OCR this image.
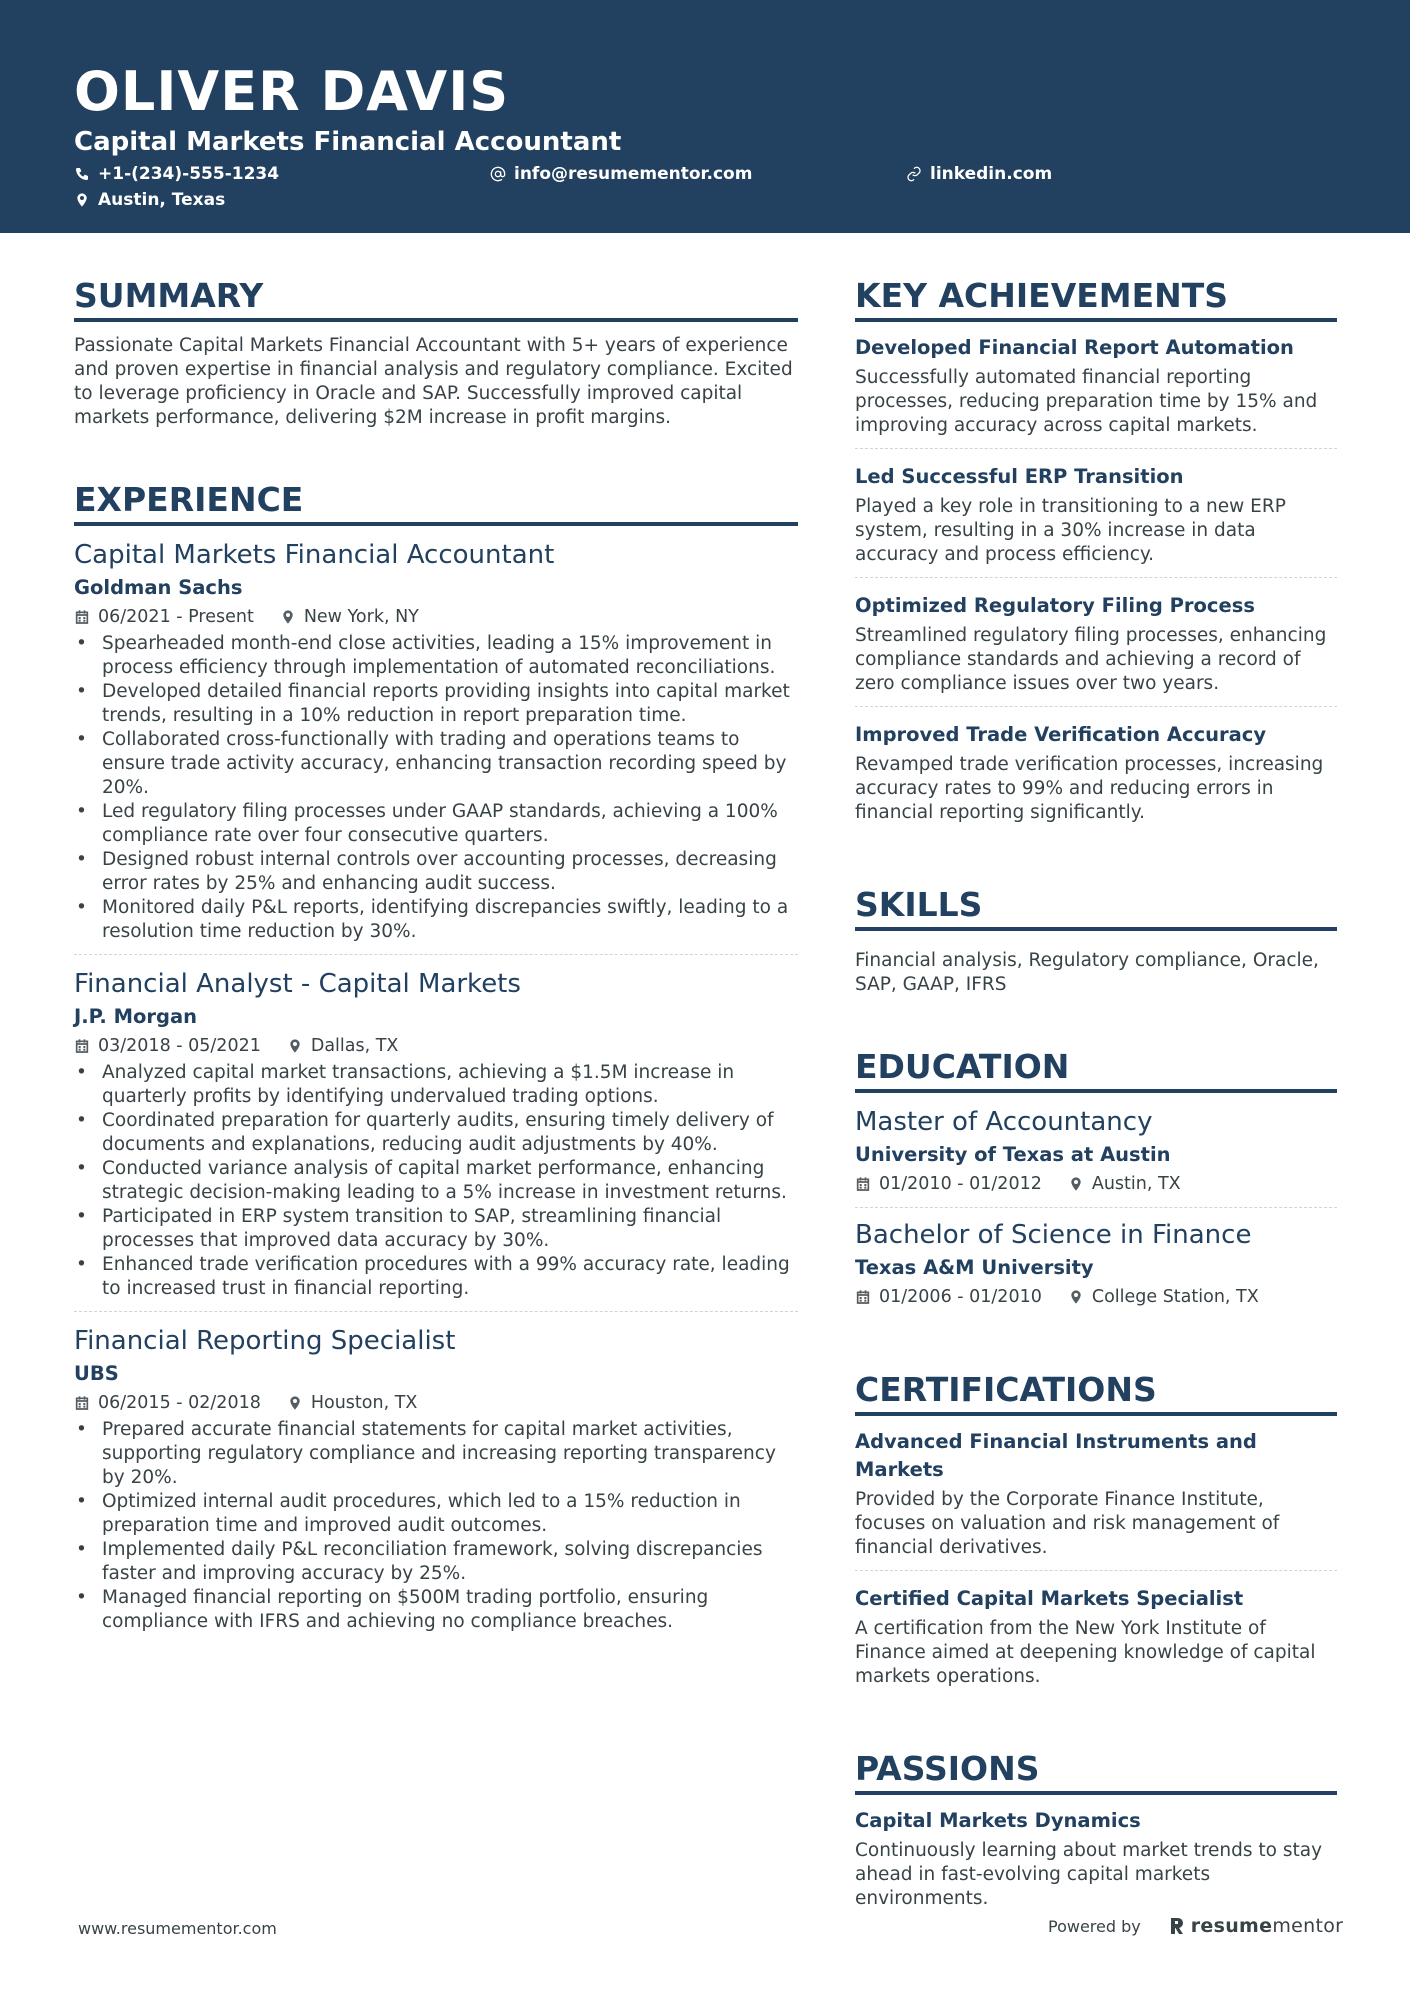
OLIVER DAVIS
Capital Markets Financial Accountant
+1-(234)-555-1234	info@resumementor.com	linkedin.com
Austin, Texas
SUMMARY
Passionate Capital Markets Financial Accountant with 5+ years of experience and proven expertise in financial analysis and regulatory compliance. Excited to leverage proficiency in Oracle and SAP. Successfully improved capital markets performance, delivering $2M increase in profit margins.
EXPERIENCE
Capital Markets Financial Accountant
Goldman Sachs
06/2021 - Present	New York, NY
• Spearheaded month-end close activities, leading a 15% improvement in process efficiency through implementation of automated reconciliations.
• Developed detailed financial reports providing insights into capital market trends, resulting in a 10% reduction in report preparation time.
• Collaborated cross-functionally with trading and operations teams to ensure trade activity accuracy, enhancing transaction recording speed by 20%.
• Led regulatory filing processes under GAAP standards, achieving a 100% compliance rate over four consecutive quarters.
• Designed robust internal controls over accounting processes, decreasing error rates by 25% and enhancing audit success.
• Monitored daily P&L reports, identifying discrepancies swiftly, leading to a resolution time reduction by 30%.
Financial Analyst - Capital Markets
J.P. Morgan
03/2018 - 05/2021	Dallas, TX
• Analyzed capital market transactions, achieving a $1.5M increase in quarterly profits by identifying undervalued trading options.
• Coordinated preparation for quarterly audits, ensuring timely delivery of documents and explanations, reducing audit adjustments by 40%.
• Conducted variance analysis of capital market performance, enhancing strategic decision-making leading to a 5% increase in investment returns.
• Participated in ERP system transition to SAP, streamlining financial processes that improved data accuracy by 30%.
• Enhanced trade verification procedures with a 99% accuracy rate, leading to increased trust in financial reporting.
Financial Reporting Specialist
UBS
06/2015 - 02/2018	Houston, TX
• Prepared accurate financial statements for capital market activities, supporting regulatory compliance and increasing reporting transparency by 20%.
• Optimized internal audit procedures, which led to a 15% reduction in preparation time and improved audit outcomes.
• Implemented daily P&L reconciliation framework, solving discrepancies faster and improving accuracy by 25%.
• Managed financial reporting on $500M trading portfolio, ensuring compliance with IFRS and achieving no compliance breaches.
KEY ACHIEVEMENTS
Developed Financial Report Automation
Successfully automated financial reporting processes, reducing preparation time by 15% and improving accuracy across capital markets.
Led Successful ERP Transition
Played a key role in transitioning to a new ERP system, resulting in a 30% increase in data accuracy and process efficiency.
Optimized Regulatory Filing Process
Streamlined regulatory filing processes, enhancing compliance standards and achieving a record of zero compliance issues over two years.
Improved Trade Verification Accuracy
Revamped trade verification processes, increasing accuracy rates to 99% and reducing errors in financial reporting significantly.
SKILLS
Financial analysis, Regulatory compliance, Oracle, SAP, GAAP, IFRS
EDUCATION
Master of Accountancy
University of Texas at Austin
01/2010 - 01/2012	Austin, TX
Bachelor of Science in Finance
Texas A&M University
01/2006 - 01/2010	College Station, TX
CERTIFICATIONS
Advanced Financial Instruments and Markets
Provided by the Corporate Finance Institute, focuses on valuation and risk management of financial derivatives.
Certified Capital Markets Specialist
A certification from the New York Institute of Finance aimed at deepening knowledge of capital markets operations.
PASSIONS
Capital Markets Dynamics
Continuously learning about market trends to stay ahead in fast-evolving capital markets environments.
www.resumementor.com	Powered by	resume mentor
